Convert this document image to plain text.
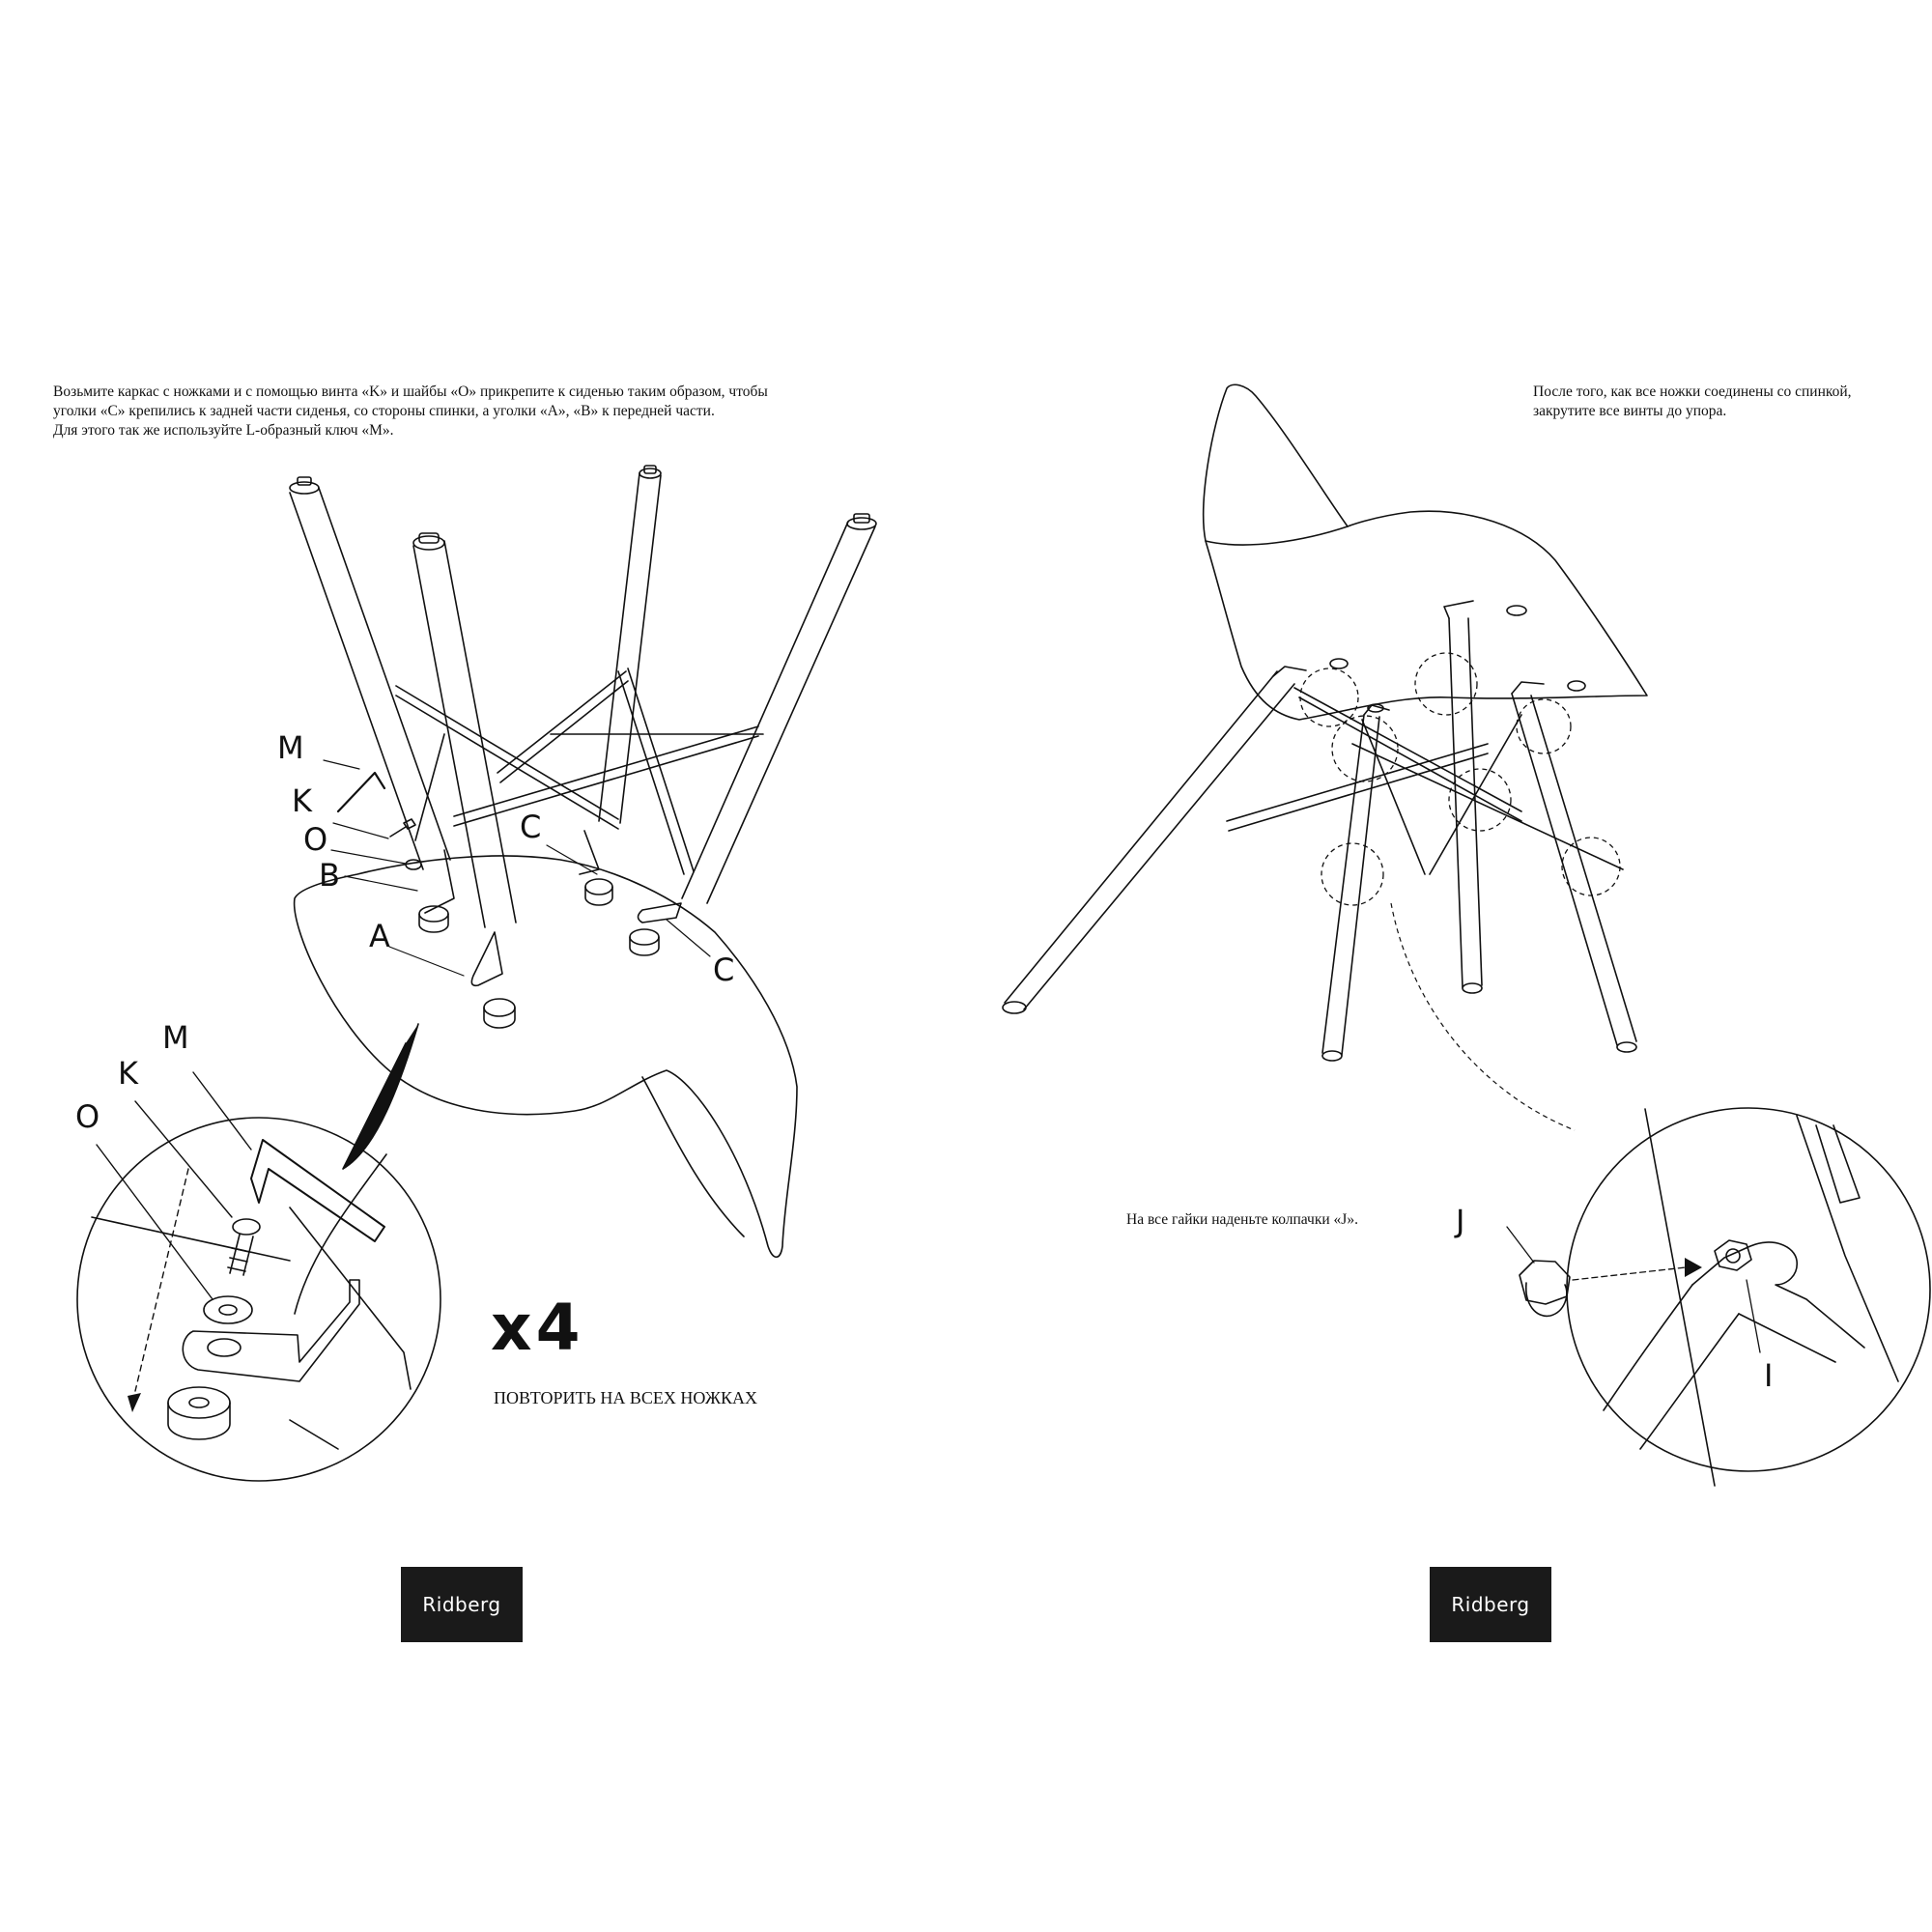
Возьмите каркас с ножками и с помощью винта «K» и шайбы «O» прикрепите к сиденью таким образом, чтобы
уголки «C» крепились к задней части сиденья, со стороны спинки, а уголки «A», «B» к передней части.
Для этого так же используйте L-образный ключ «M».
M
K
O
B
A
C
C
M
K
O
x4
ПОВТОРИТЬ НА ВСЕХ НОЖКАХ
Ridberg
После того, как все ножки соединены со спинкой,
закрутите все винты до упора.
На все гайки наденьте колпачки «J».	J
I
Ridberg
